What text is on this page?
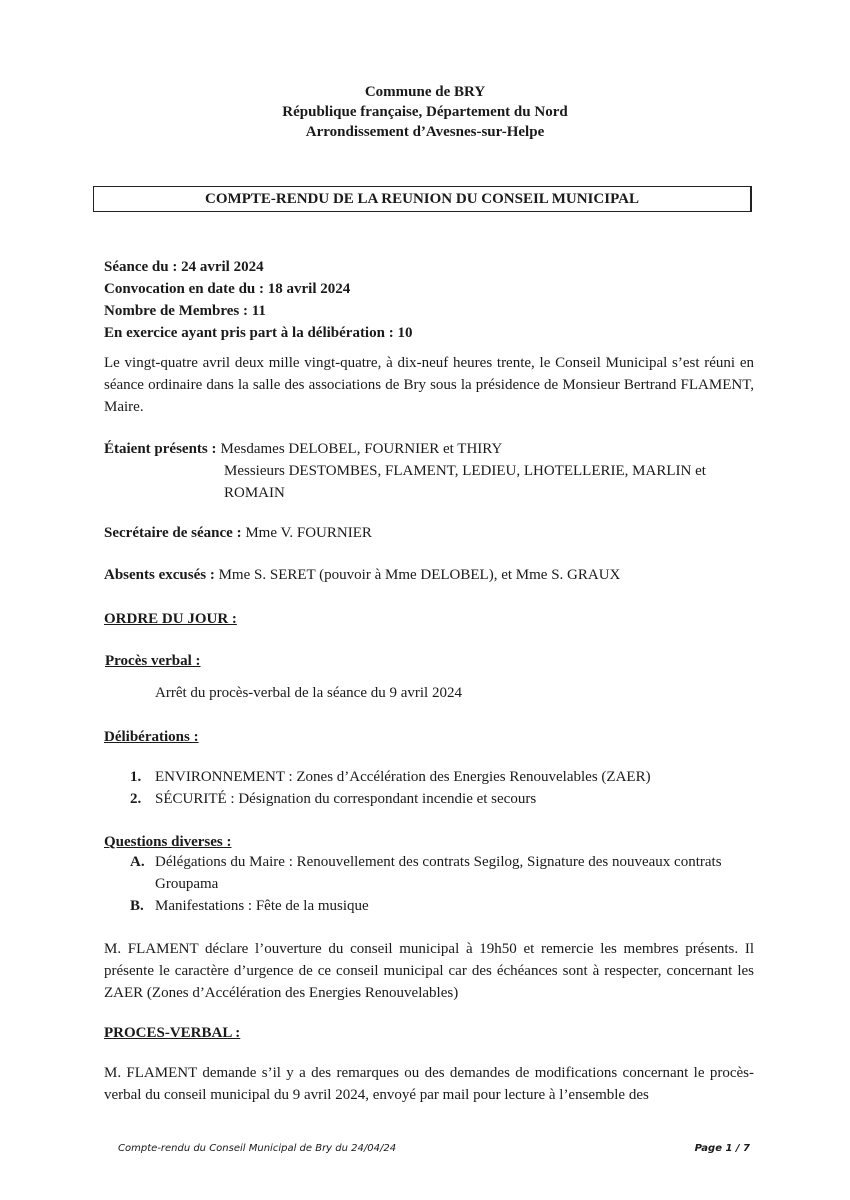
Commune de BRY
République française, Département du Nord
Arrondissement d’Avesnes-sur-Helpe
COMPTE-RENDU DE LA REUNION DU CONSEIL MUNICIPAL
Séance du : 24 avril 2024
Convocation en date du : 18 avril 2024
Nombre de Membres : 11
En exercice ayant pris part à la délibération : 10
Le vingt-quatre avril deux mille vingt-quatre, à dix-neuf heures trente, le Conseil Municipal s’est réuni en séance ordinaire dans la salle des associations de Bry sous la présidence de Monsieur Bertrand FLAMENT, Maire.
Étaient présents : Mesdames DELOBEL, FOURNIER et THIRY
Messieurs DESTOMBES, FLAMENT, LEDIEU, LHOTELLERIE, MARLIN et ROMAIN
Secrétaire de séance : Mme V. FOURNIER
Absents excusés : Mme S. SERET (pouvoir à Mme DELOBEL), et Mme S. GRAUX
ORDRE DU JOUR :
Procès verbal :
Arrêt du procès-verbal de la séance du 9 avril 2024
Délibérations :
1. ENVIRONNEMENT : Zones d’Accélération des Energies Renouvelables (ZAER)
2. SÉCURITÉ : Désignation du correspondant incendie et secours
Questions diverses :
A. Délégations du Maire : Renouvellement des contrats Segilog, Signature des nouveaux contrats Groupama
B. Manifestations : Fête de la musique
M. FLAMENT déclare l’ouverture du conseil municipal à 19h50 et remercie les membres présents. Il présente le caractère d’urgence de ce conseil municipal car des échéances sont à respecter, concernant les ZAER (Zones d’Accélération des Energies Renouvelables)
PROCES-VERBAL :
M. FLAMENT demande s’il y a des remarques ou des demandes de modifications concernant le procès-verbal du conseil municipal du 9 avril 2024, envoyé par mail pour lecture à l’ensemble des
Compte-rendu du Conseil Municipal de Bry du 24/04/24	Page 1 / 7
